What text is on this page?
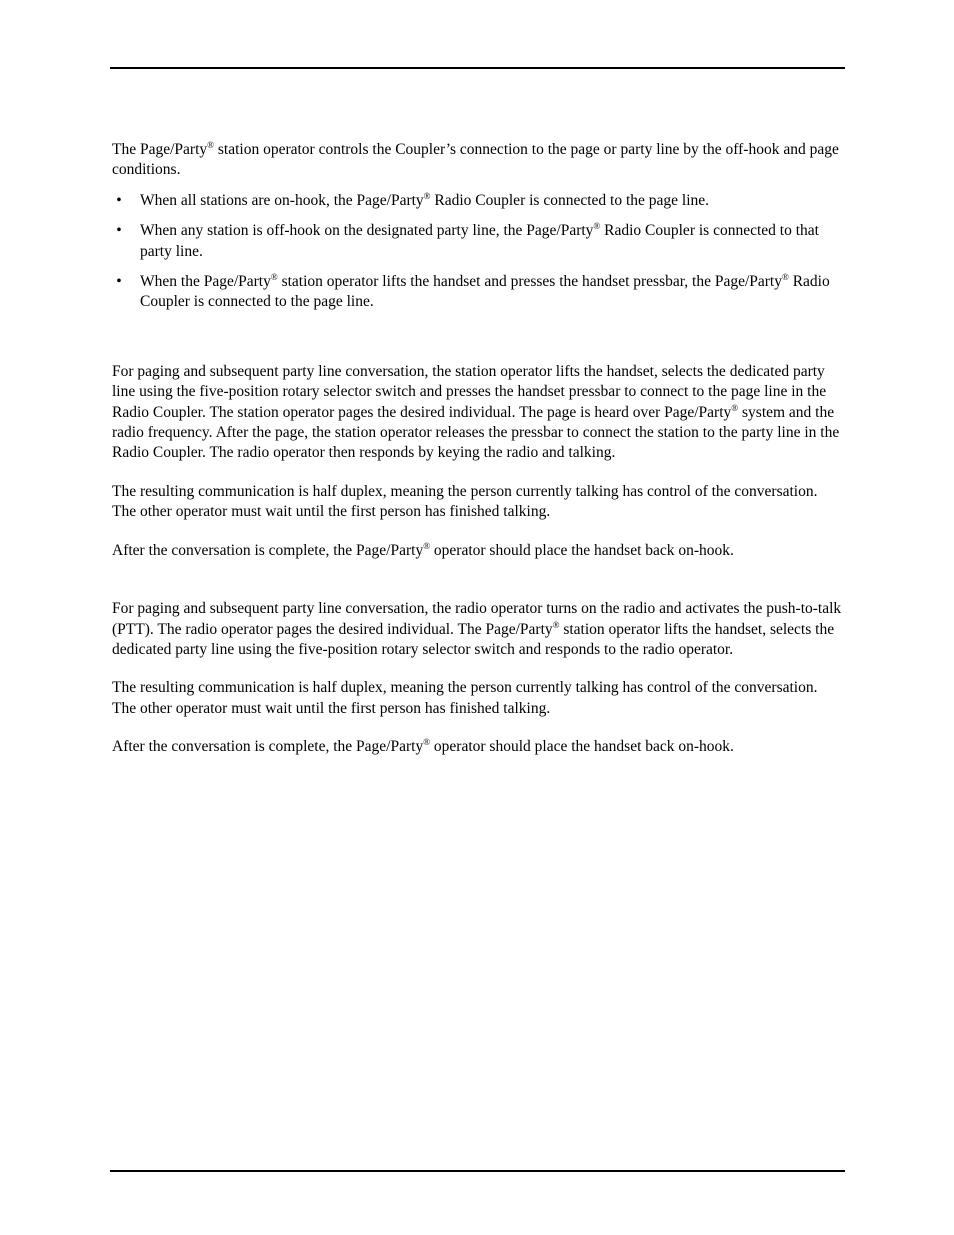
The Page/Party® station operator controls the Coupler’s connection to the page or party line by the off-hook and page conditions.

• When all stations are on-hook, the Page/Party® Radio Coupler is connected to the page line.
• When any station is off-hook on the designated party line, the Page/Party® Radio Coupler is connected to that party line.
• When the Page/Party® station operator lifts the handset and presses the handset pressbar, the Page/Party® Radio Coupler is connected to the page line.

For paging and subsequent party line conversation, the station operator lifts the handset, selects the dedicated party line using the five-position rotary selector switch and presses the handset pressbar to connect to the page line in the Radio Coupler. The station operator pages the desired individual. The page is heard over Page/Party® system and the radio frequency. After the page, the station operator releases the pressbar to connect the station to the party line in the Radio Coupler. The radio operator then responds by keying the radio and talking.

The resulting communication is half duplex, meaning the person currently talking has control of the conversation. The other operator must wait until the first person has finished talking.

After the conversation is complete, the Page/Party® operator should place the handset back on-hook.

For paging and subsequent party line conversation, the radio operator turns on the radio and activates the push-to-talk (PTT). The radio operator pages the desired individual. The Page/Party® station operator lifts the handset, selects the dedicated party line using the five-position rotary selector switch and responds to the radio operator.

The resulting communication is half duplex, meaning the person currently talking has control of the conversation. The other operator must wait until the first person has finished talking.

After the conversation is complete, the Page/Party® operator should place the handset back on-hook.
